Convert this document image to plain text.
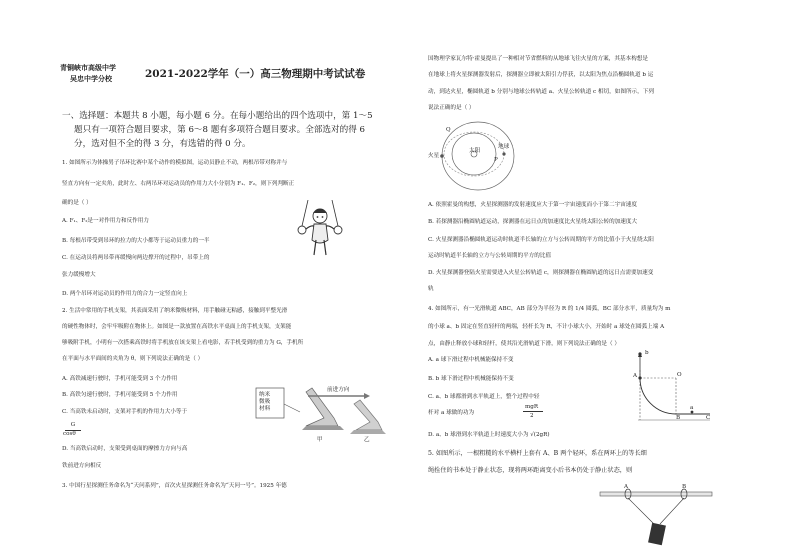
青铜峡市高级中学
吴忠中学分校	2021-2022学年（一）高三物理期中考试试卷
一、选择题：本题共 8 小题，每小题 6 分。在每小题给出的四个选项中，第 1～5
题只有一项符合题目要求，第 6～8 题有多项符合题目要求。全部选对的得 6
分，选对但不全的得 3 分，有选错的得 0 分。
1. 如图所示为体操男子吊环比赛中某个动作的模拟图，运动员静止不动，两根吊带对称并与
竖直方向有一定夹角，此时左、右两吊环对运动员的作用力大小分别为 F₁、F₂，则下列判断正
确的是（ ）
A. F₁、F₂是一对作用力和反作用力
B. 每根吊带受到吊环的拉力的大小都等于运动员重力的一半
C. 在运动员将两吊带再缓慢向两边撑开的过程中，吊带上的
张力缓慢增大
D. 两个吊环对运动员的作用力的合力一定竖直向上
2. 生活中常用的手机支架，其表面采用了纳米微吸材料，用手触碰无粘感，接触到平整光滑
的硬性物体时，会牢牢吸附在物体上。如图是一款放置在高铁水平桌面上的手机支架，支架能
够吸附手机，小明有一次搭乘高铁时将手机放在该支架上看电影，若手机受到的重力为 G，手机所
在平面与水平面间的夹角为 θ，则下列说法正确的是（ ）
A. 高铁减速行驶时，手机可能受到 3 个力作用
B. 高铁匀速行驶时，手机可能受到 5 个力作用
C. 当高铁未启动时，支架对手机的作用力大小等于
G
cosθ
D. 当高铁启动时，支架受到桌面的摩擦力方向与高
铁前进方向相反
纳米
微吸
材料
前进方向
甲	乙
3. 中国行星探测任务命名为“天问系列”，首次火星探测任务命名为“天问一号”。1925 年德
国物理学家瓦尔特·霍曼提出了一种相对节省燃料的从地球飞往火星的方案，其基本构想是
在地球上将火星探测器发射后，探测器立即被太阳引力俘获，以太阳为焦点沿椭圆轨道 b 运
动，到达火星，椭圆轨道 b 分别与地球公转轨道 a、火星公转轨道 c 相切，如图所示，下列
说法正确的是（ ）
火星
太阳
地球
P
Q
A. 依照霍曼的构想，火星探测器的发射速度应大于第一宇宙速度而小于第二宇宙速度
B. 若探测器沿椭圆轨道运动，探测器在远日点的加速度比火星绕太阳公转的加速度大
C. 火星探测器沿椭圆轨道运动时轨道半长轴的立方与公转周期的平方的比值小于火星绕太阳
运动时轨道半长轴的立方与公转周期的平方的比值
D. 火星探测器登陆火星需要进入火星公转轨道 c，则探测器在椭圆轨道的远日点需要加速变
轨
4. 如图所示，有一光滑轨道 ABC，AB 部分为半径为 R 的 1/4 圆弧，BC 部分水平，质量均为 m
的小球 a、b 固定在竖直轻杆的两端，轻杆长为 R，不计小球大小，开始时 a 球处在圆弧上端 A
点，由静止释放小球和轻杆，使其沿光滑轨道下滑，则下列说法正确的是（ ）
A. a 球下滑过程中机械能保持不变
B. b 球下滑过程中机械能保持不变
C. a、b 球都滑到水平轨道上，整个过程中轻
杆对 a 球做的功为
mgR
2
D. a、b 球滑到水平轨道上时速度大小为 √(2gR)
A	O
B	C
b
a
5. 如图所示，一根粗糙的水平横杆上套有 A、B 两个轻环，系在两环上的等长细
绳拴住的书本处于静止状态，现将两环距离变小后书本仍处于静止状态，则
A	B
